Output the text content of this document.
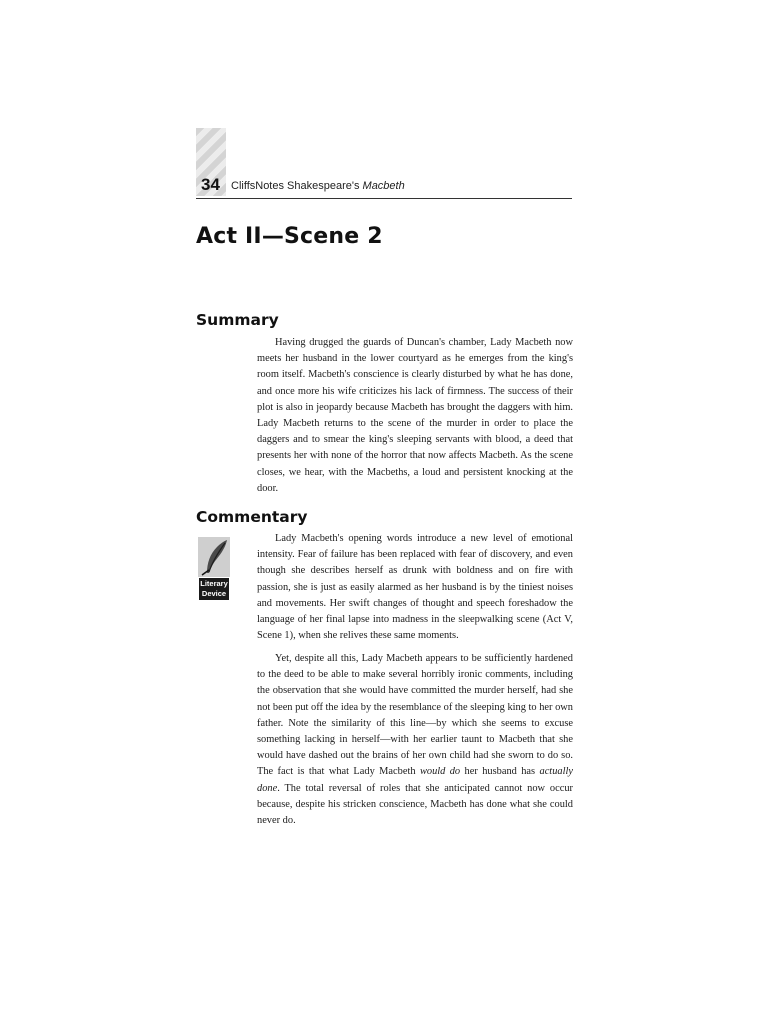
34 CliffsNotes Shakespeare's Macbeth
Act II—Scene 2
Summary

Having drugged the guards of Duncan's chamber, Lady Macbeth now meets her husband in the lower courtyard as he emerges from the king's room itself. Macbeth's conscience is clearly disturbed by what he has done, and once more his wife criticizes his lack of firmness. The success of their plot is also in jeopardy because Macbeth has brought the daggers with him. Lady Macbeth returns to the scene of the murder in order to place the daggers and to smear the king's sleeping servants with blood, a deed that presents her with none of the horror that now affects Macbeth. As the scene closes, we hear, with the Macbeths, a loud and persistent knocking at the door.

Commentary
Literary
Device

Lady Macbeth's opening words introduce a new level of emotional intensity. Fear of failure has been replaced with fear of discovery, and even though she describes herself as drunk with boldness and on fire with passion, she is just as easily alarmed as her husband is by the tiniest noises and movements. Her swift changes of thought and speech foreshadow the language of her final lapse into madness in the sleepwalking scene (Act V, Scene 1), when she relives these same moments.

Yet, despite all this, Lady Macbeth appears to be sufficiently hardened to the deed to be able to make several horribly ironic comments, including the observation that she would have committed the murder herself, had she not been put off the idea by the resemblance of the sleeping king to her own father. Note the similarity of this line—by which she seems to excuse something lacking in herself—with her earlier taunt to Macbeth that she would have dashed out the brains of her own child had she sworn to do so. The fact is that what Lady Macbeth would do her husband has actually done. The total reversal of roles that she anticipated cannot now occur because, despite his stricken conscience, Macbeth has done what she could never do.
